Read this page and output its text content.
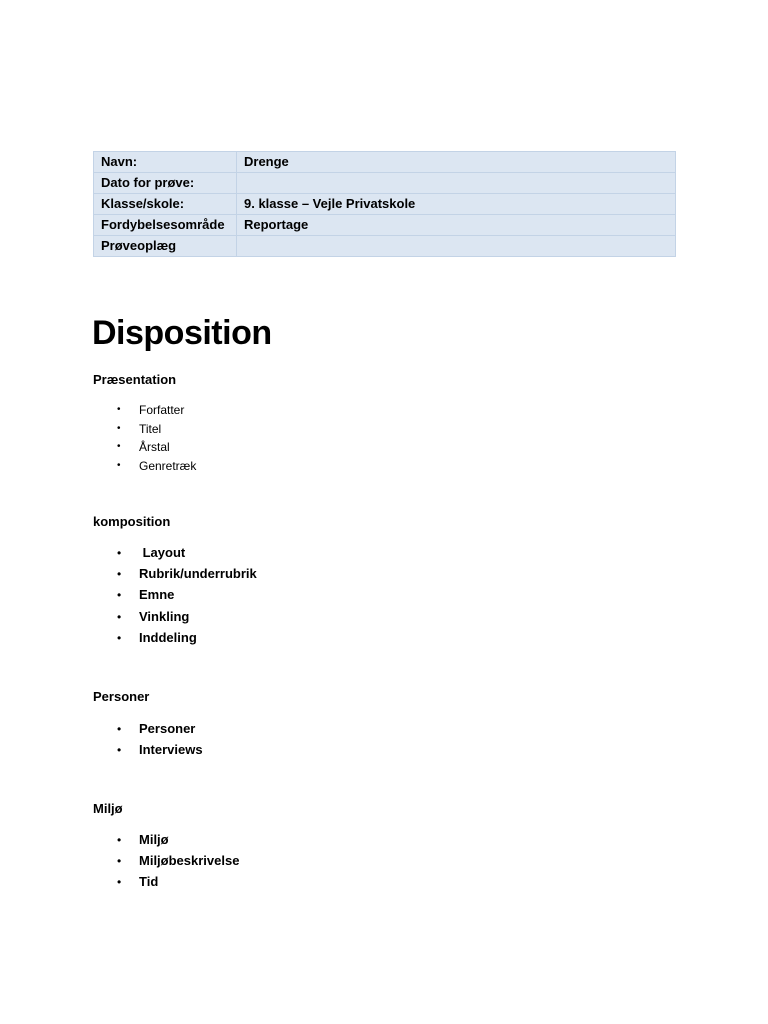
Navn:	Drenge
Dato for prøve:	
Klasse/skole:	9. klasse – Vejle Privatskole
Fordybelsesområde	Reportage
Prøveoplæg	
Disposition
Præsentation
• Forfatter
• Titel
• Årstal
• Genretræk
komposition
• Layout
• Rubrik/underrubrik
• Emne
• Vinkling
• Inddeling
Personer
• Personer
• Interviews
Miljø
• Miljø
• Miljøbeskrivelse
• Tid
